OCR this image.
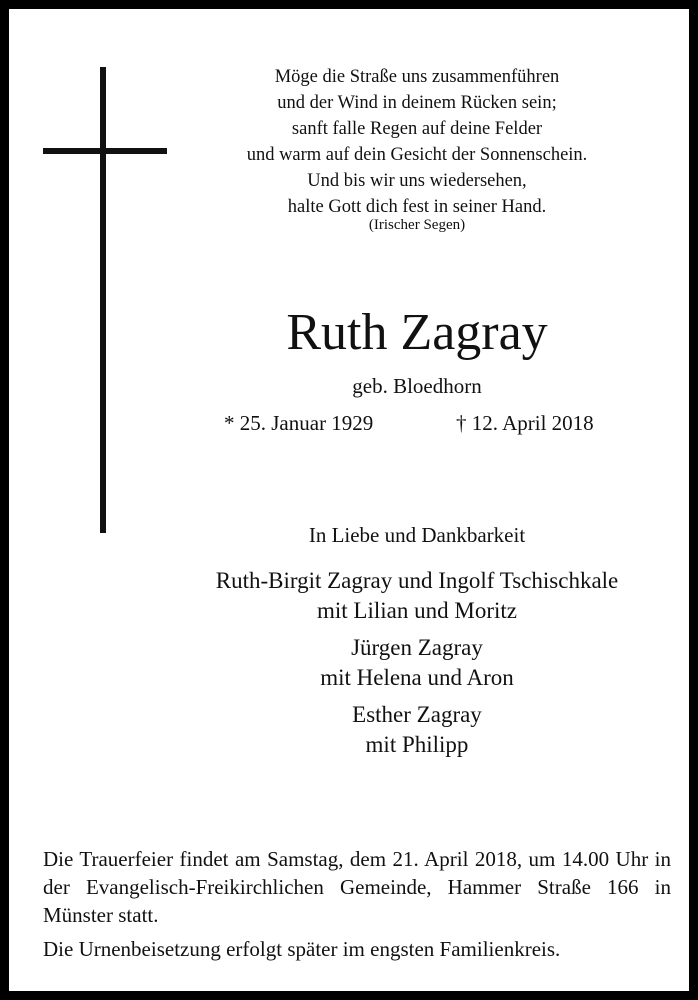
Möge die Straße uns zusammenführen
und der Wind in deinem Rücken sein;
sanft falle Regen auf deine Felder
und warm auf dein Gesicht der Sonnenschein.
Und bis wir uns wiedersehen,
halte Gott dich fest in seiner Hand.
(Irischer Segen)
Ruth Zagray
geb. Bloedhorn
* 25. Januar 1929	† 12. April 2018
In Liebe und Dankbarkeit
Ruth-Birgit Zagray und Ingolf Tschischkale
mit Lilian und Moritz
Jürgen Zagray
mit Helena und Aron
Esther Zagray
mit Philipp

Die Trauerfeier findet am Samstag, dem 21. April 2018, um 14.00 Uhr in der Evangelisch-Freikirchlichen Gemeinde, Hammer Straße 166 in Münster statt.

Die Urnenbeisetzung erfolgt später im engsten Familienkreis.
